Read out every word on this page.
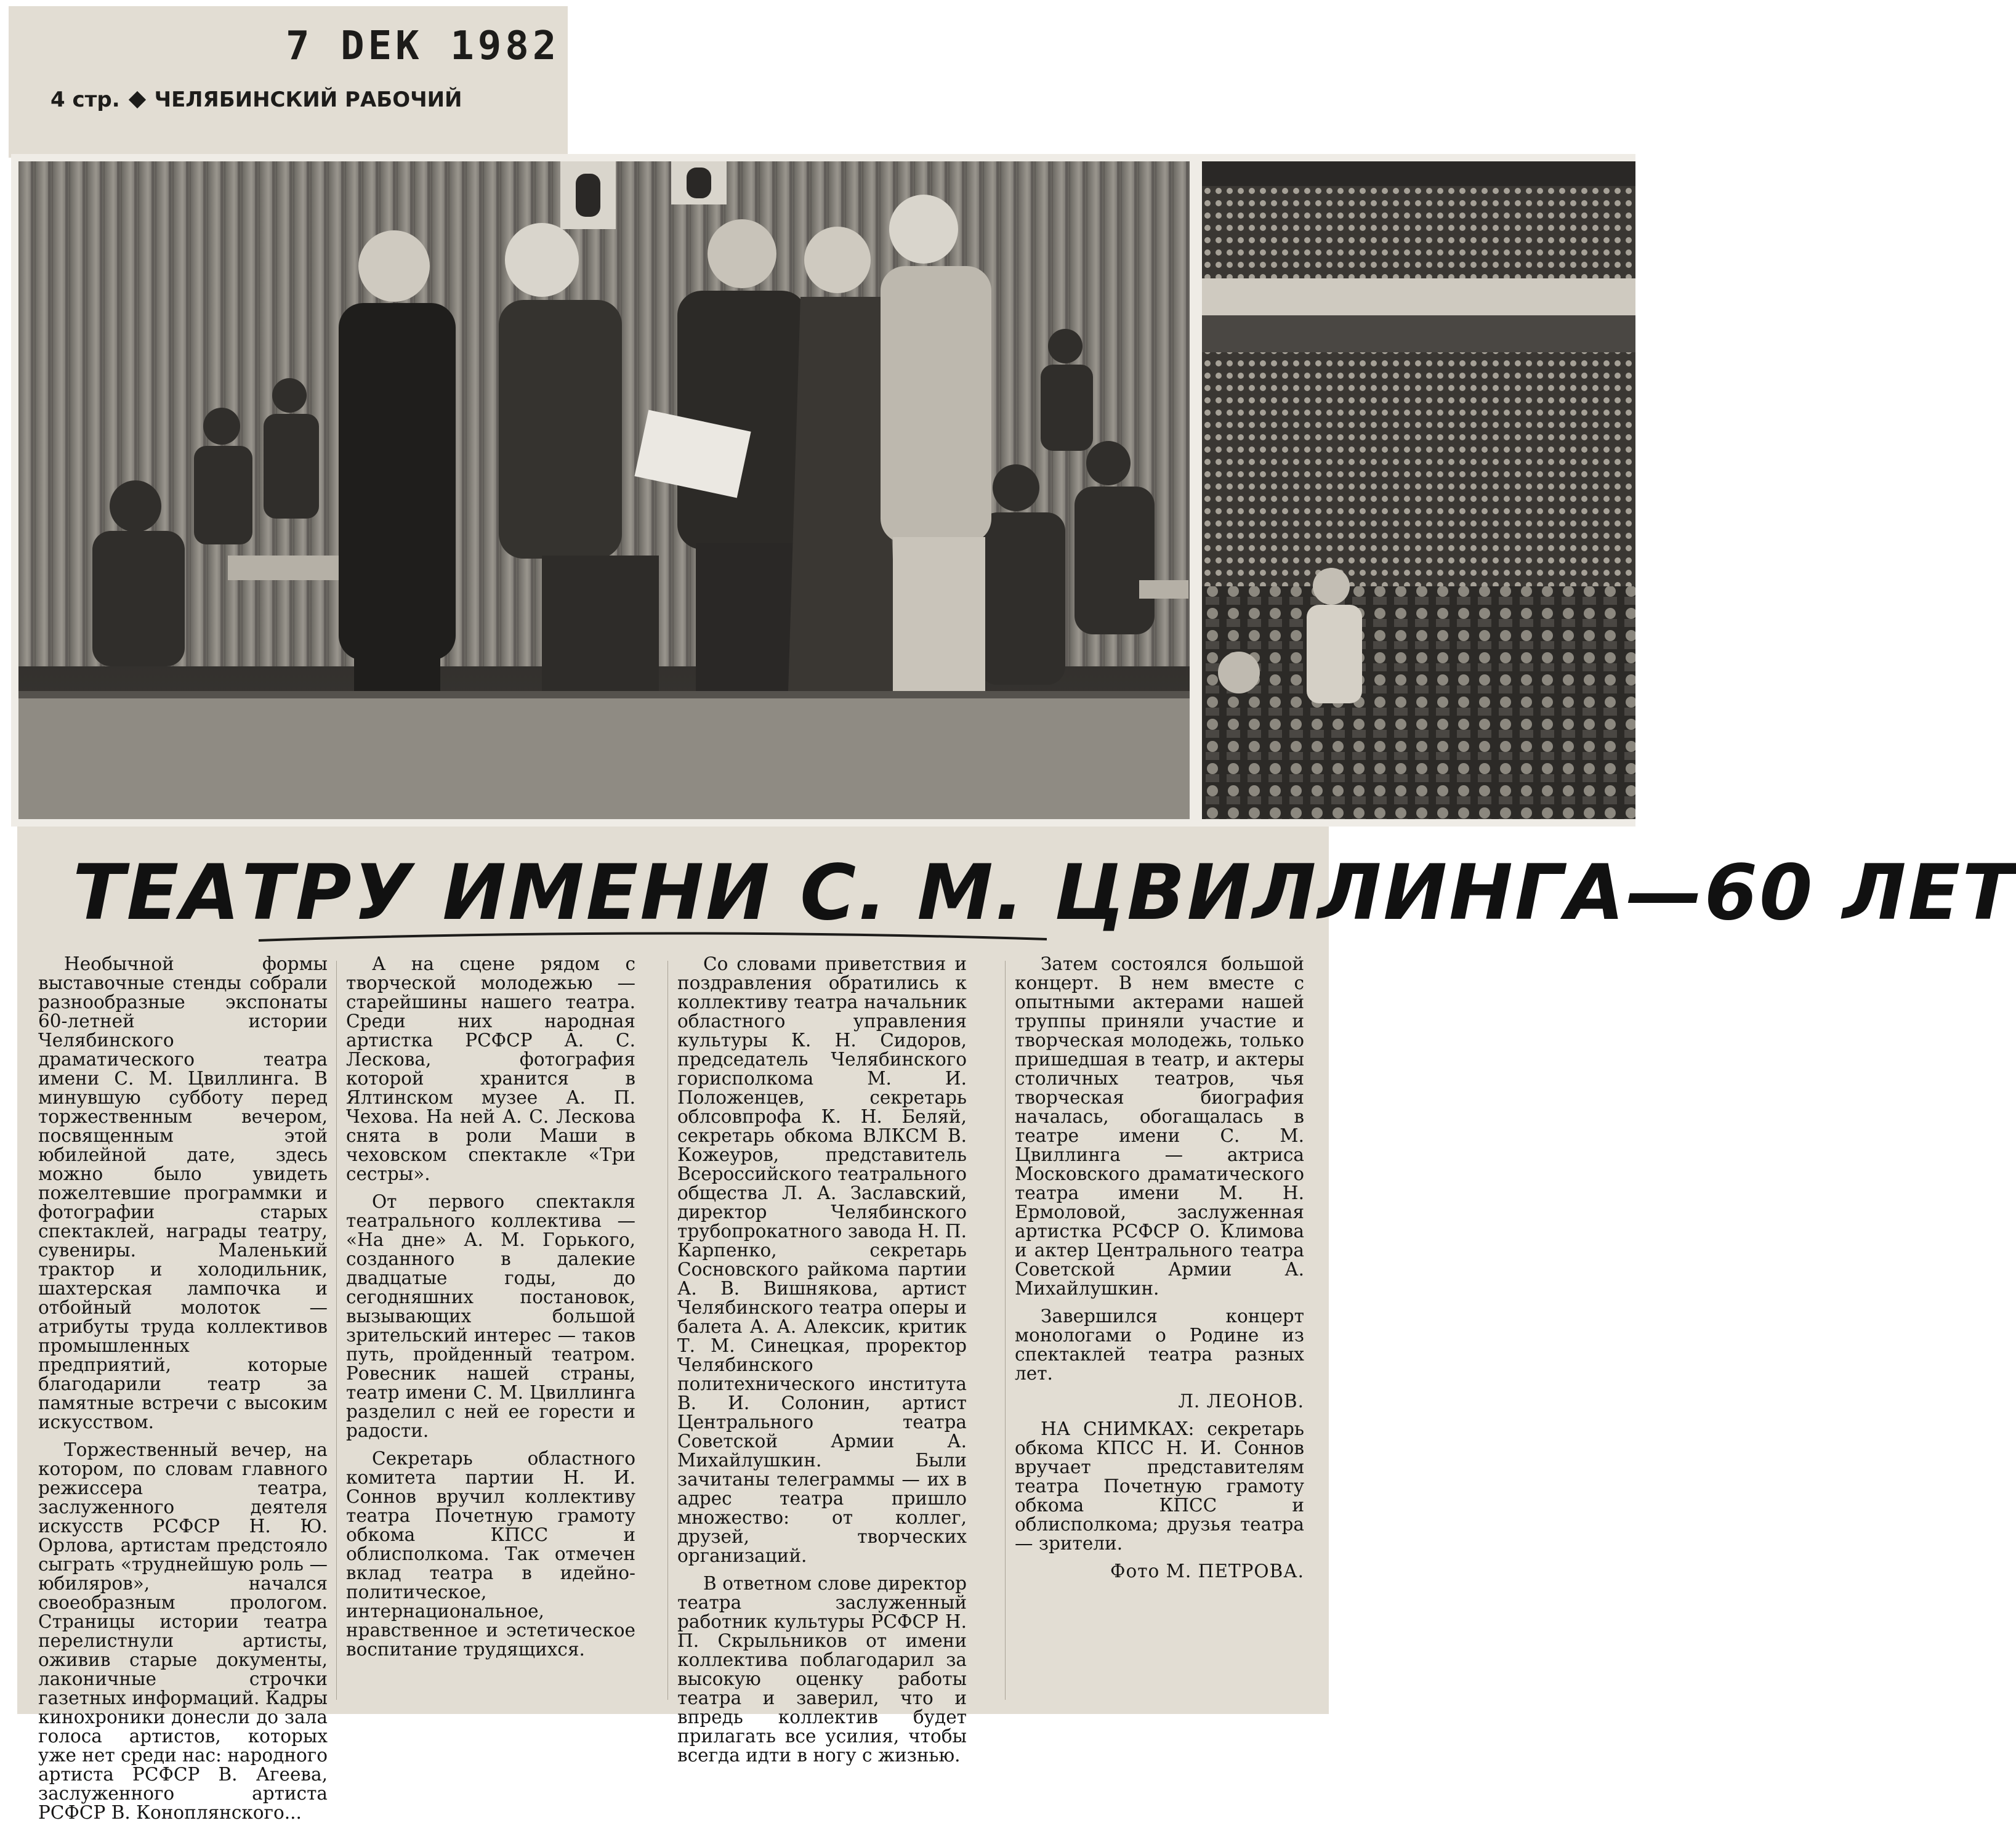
7 DEK 1982
4 стр. ЧЕЛЯБИНСКИЙ РАБОЧИЙ
ТЕАТРУ ИМЕНИ С. М. ЦВИЛЛИНГА—60 ЛЕТ

Необычной формы выставочные стенды собрали разнообразные экспонаты 60-летней истории Челябинского драматического театра имени С. М. Цвиллинга. В минувшую субботу перед торжественным вечером, посвященным этой юбилейной дате, здесь можно было увидеть пожелтевшие программки и фотографии старых спектаклей, награды театру, сувениры. Маленький трактор и холодильник, шахтерская лампочка и отбойный молоток — атрибуты труда коллективов промышленных предприятий, которые благодарили театр за памятные встречи с высоким искусством.

Торжественный вечер, на котором, по словам главного режиссера театра, заслуженного деятеля искусств РСФСР Н. Ю. Орлова, артистам предстояло сыграть «труднейшую роль — юбиляров», начался своеобразным прологом. Страницы истории театра перелистнули артисты, оживив старые документы, лаконичные строчки газетных информаций. Кадры кинохроники донесли до зала голоса артистов, которых уже нет среди нас: народного артиста РСФСР В. Агеева, заслуженного артиста РСФСР В. Коноплянского...

А на сцене рядом с творческой молодежью — старейшины нашего театра. Среди них народная артистка РСФСР А. С. Лескова, фотография которой хранится в Ялтинском музее А. П. Чехова. На ней А. С. Лескова снята в роли Маши в чеховском спектакле «Три сестры».

От первого спектакля театрального коллектива — «На дне» А. М. Горького, созданного в далекие двадцатые годы, до сегодняшних постановок, вызывающих большой зрительский интерес — таков путь, пройденный театром. Ровесник нашей страны, театр имени С. М. Цвиллинга разделил с ней ее горести и радости.

Секретарь областного комитета партии Н. И. Соннов вручил коллективу театра Почетную грамоту обкома КПСС и облисполкома. Так отмечен вклад театра в идейно-политическое, интернациональное, нравственное и эстетическое воспитание трудящихся.

Со словами приветствия и поздравления обратились к коллективу театра начальник областного управления культуры К. Н. Сидоров, председатель Челябинского горисполкома М. И. Положенцев, секретарь облсовпрофа К. Н. Беляй, секретарь обкома ВЛКСМ В. Кожеуров, представитель Всероссийского театрального общества Л. А. Заславский, директор Челябинского трубопрокатного завода Н. П. Карпенко, секретарь Сосновского райкома партии А. В. Вишнякова, артист Челябинского театра оперы и балета А. А. Алексик, критик Т. М. Синецкая, проректор Челябинского политехнического института В. И. Солонин, артист Центрального театра Советской Армии А. Михайлушкин. Были зачитаны телеграммы — их в адрес театра пришло множество: от коллег, друзей, творческих организаций.

В ответном слове директор театра заслуженный работник культуры РСФСР Н. П. Скрыльников от имени коллектива поблагодарил за высокую оценку работы театра и заверил, что и впредь коллектив будет прилагать все усилия, чтобы всегда идти в ногу с жизнью.

Затем состоялся большой концерт. В нем вместе с опытными актерами нашей труппы приняли участие и творческая молодежь, только пришедшая в театр, и актеры столичных театров, чья творческая биография началась, обогащалась в театре имени С. М. Цвиллинга — актриса Московского драматического театра имени М. Н. Ермоловой, заслуженная артистка РСФСР О. Климова и актер Центрального театра Советской Армии А. Михайлушкин.

Завершился концерт монологами о Родине из спектаклей театра разных лет.

Л. ЛЕОНОВ.

НА СНИМКАХ: секретарь обкома КПСС Н. И. Соннов вручает представителям театра Почетную грамоту обкома КПСС и облисполкома; друзья театра — зрители.

Фото М. ПЕТРОВА.
